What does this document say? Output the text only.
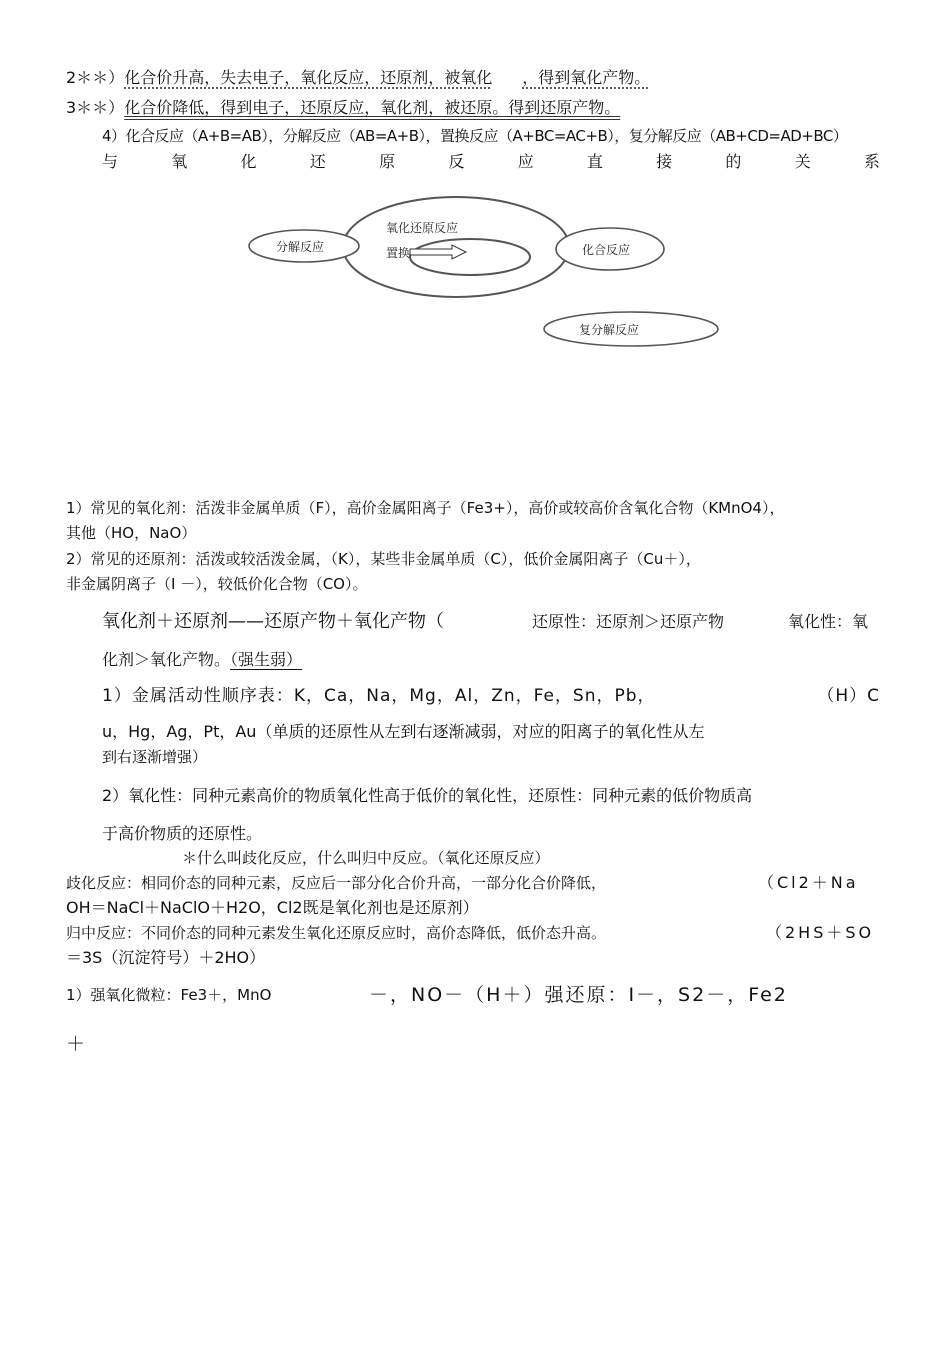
2＊＊）化合价升高，失去电子，氧化反应，还原剂，被氧化 ，得到氧化产物。
3＊＊）化合价降低，得到电子，还原反应，氧化剂，被还原。得到还原产物。
4）化合反应（A+B=AB），分解反应（AB=A+B），置换反应（A+BC=AC+B），复分解反应（AB+CD=AD+BC）
与	氧	化	还	原	反	应	直	接	的	关	系
分解反应
氧化还原反应
置换	化合反应
复分解反应
1）常见的氧化剂：活泼非金属单质（F），高价金属阳离子（Fe3+），高价或较高价含氧化合物（KMnO4），
其他（HO，NaO）
2）常见的还原剂：活泼或较活泼金属，（K），某些非金属单质（C），低价金属阳离子（Cu＋），
非金属阴离子（I －），较低价化合物（CO）。
氧化剂＋还原剂——还原产物＋氧化产物（	还原性：还原剂＞还原产物	氧化性：氧
化剂＞氧化产物。（强生弱）
1）金属活动性顺序表：K，Ca，Na，Mg，Al，Zn，Fe，Sn，Pb，	（H）C
u，Hg，Ag，Pt，Au（单质的还原性从左到右逐渐减弱，对应的阳离子的氧化性从左
到右逐渐增强）
2）氧化性：同种元素高价的物质氧化性高于低价的氧化性，还原性：同种元素的低价物质高
于高价物质的还原性。
＊什么叫歧化反应，什么叫归中反应。（氧化还原反应）
歧化反应：相同价态的同种元素，反应后一部分化合价升高，一部分化合价降低，	（Cl2＋Na
OH＝NaCl＋NaClO＋H2O，Cl2既是氧化剂也是还原剂）
归中反应：不同价态的同种元素发生氧化还原反应时，高价态降低，低价态升高。	（2HS＋SO
＝3S（沉淀符号）＋2HO）
1）强氧化微粒：Fe3＋，MnO	－，NO－（H＋）强还原：I－，S2－，Fe2
＋
